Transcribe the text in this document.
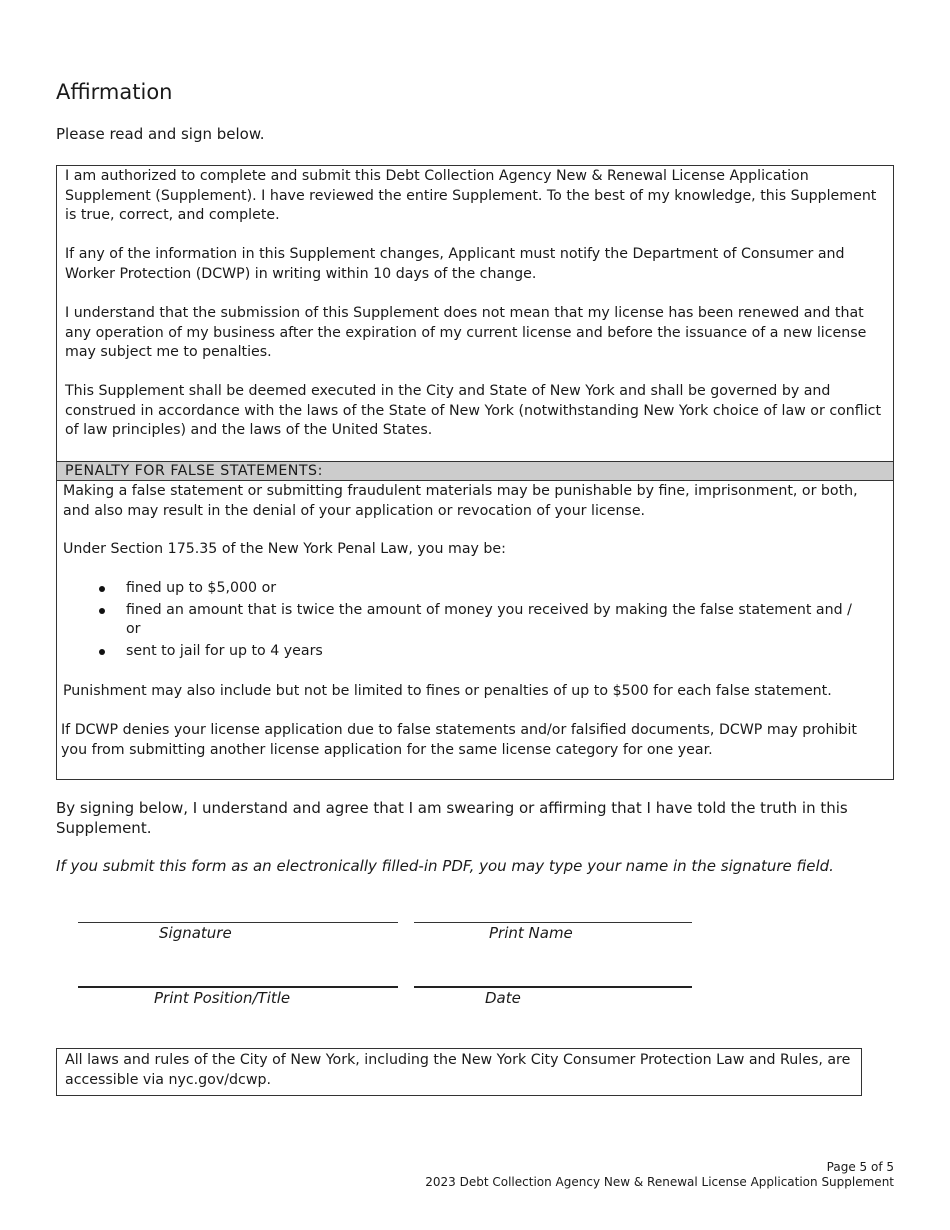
Affirmation

Please read and sign below.

I am authorized to complete and submit this Debt Collection Agency New & Renewal License Application Supplement (Supplement). I have reviewed the entire Supplement. To the best of my knowledge, this Supplement is true, correct, and complete.

If any of the information in this Supplement changes, Applicant must notify the Department of Consumer and Worker Protection (DCWP) in writing within 10 days of the change.

I understand that the submission of this Supplement does not mean that my license has been renewed and that any operation of my business after the expiration of my current license and before the issuance of a new license may subject me to penalties.

This Supplement shall be deemed executed in the City and State of New York and shall be governed by and construed in accordance with the laws of the State of New York (notwithstanding New York choice of law or conflict of law principles) and the laws of the United States.

PENALTY FOR FALSE STATEMENTS:

Making a false statement or submitting fraudulent materials may be punishable by fine, imprisonment, or both, and also may result in the denial of your application or revocation of your license.

Under Section 175.35 of the New York Penal Law, you may be:

fined up to $5,000 or
fined an amount that is twice the amount of money you received by making the false statement and / or
sent to jail for up to 4 years

Punishment may also include but not be limited to fines or penalties of up to $500 for each false statement.

If DCWP denies your license application due to false statements and/or falsified documents, DCWP may prohibit you from submitting another license application for the same license category for one year.

By signing below, I understand and agree that I am swearing or affirming that I have told the truth in this Supplement.

If you submit this form as an electronically filled-in PDF, you may type your name in the signature field.

Signature	Print Name
Print Position/Title	Date

All laws and rules of the City of New York, including the New York City Consumer Protection Law and Rules, are accessible via nyc.gov/dcwp.

Page 5 of 5
2023 Debt Collection Agency New & Renewal License Application Supplement
